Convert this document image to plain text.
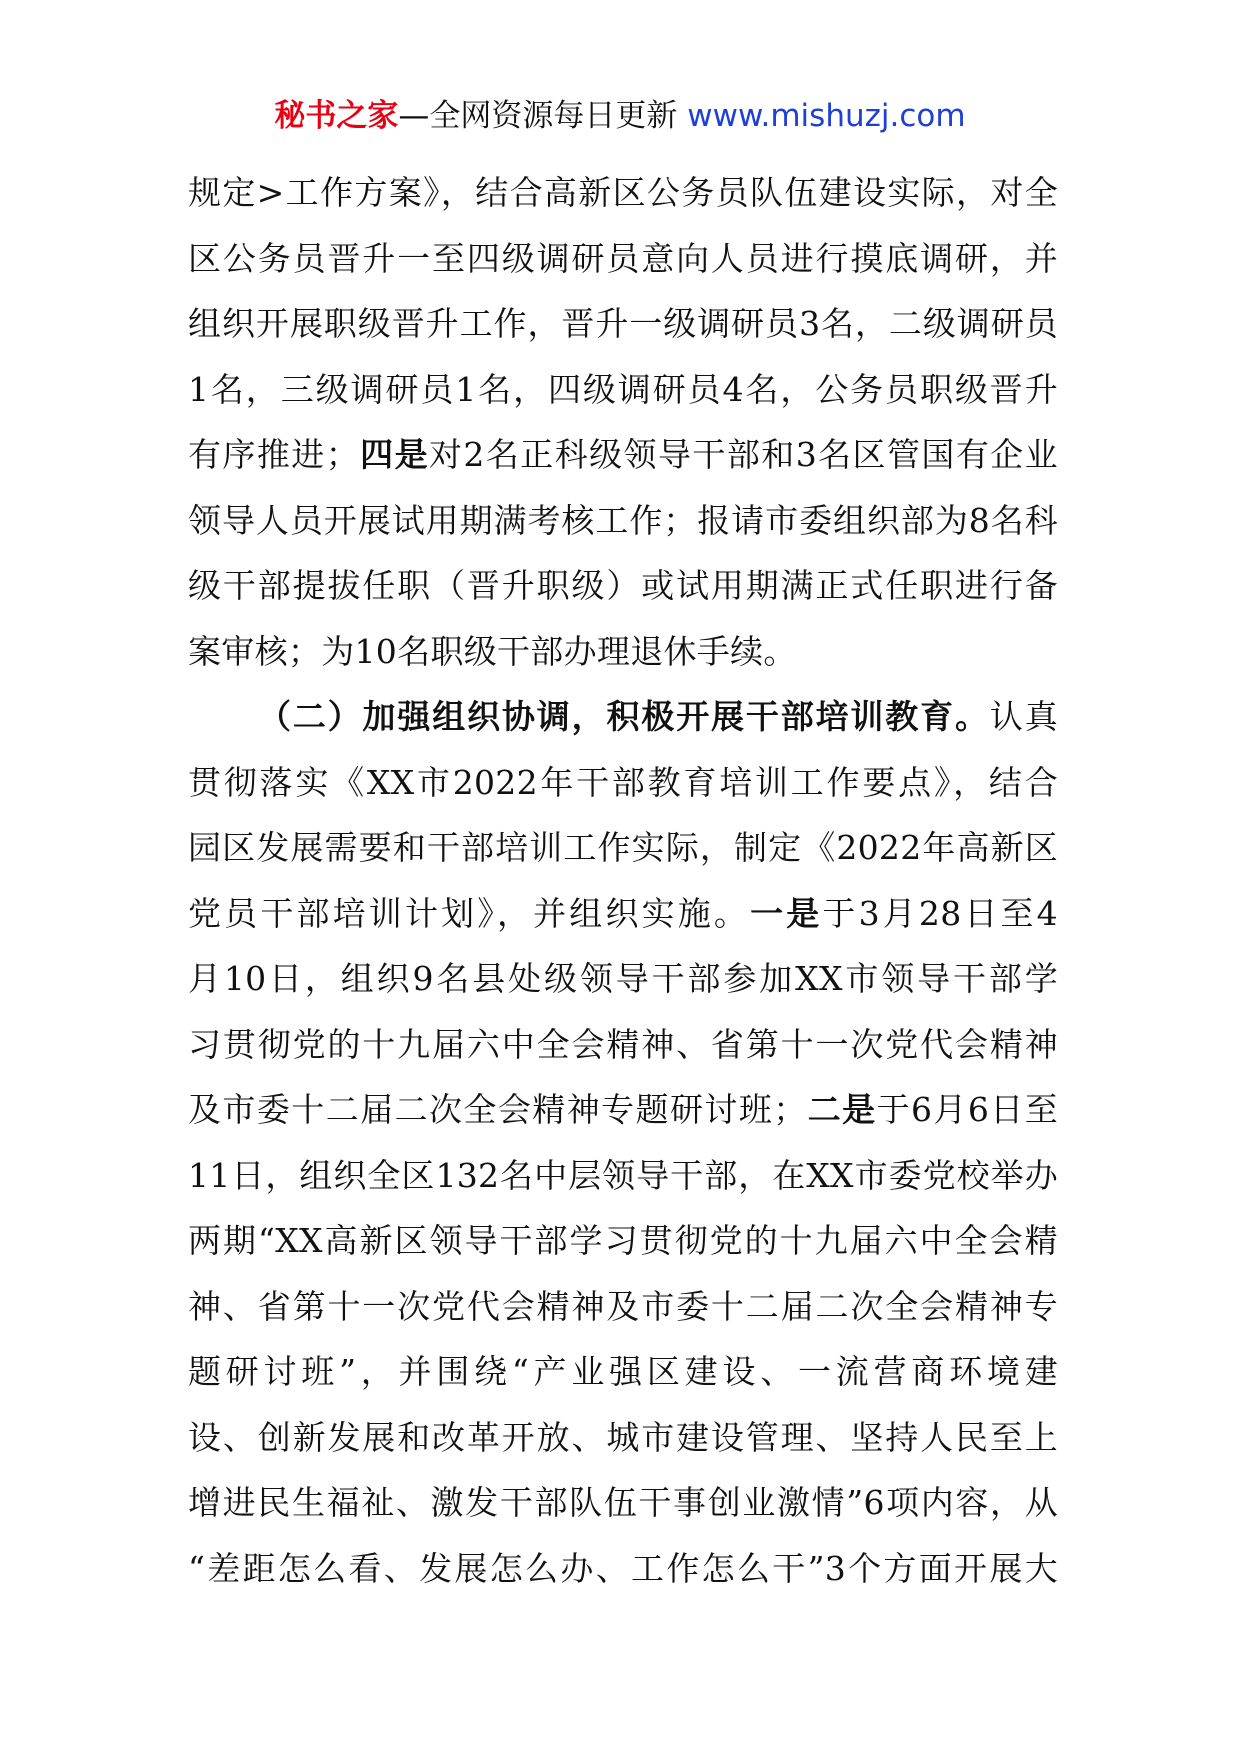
秘书之家—全网资源每日更新 www.mishuzj.com

规定>工作方案》，结合高新区公务员队伍建设实际，对全
区公务员晋升一至四级调研员意向人员进行摸底调研，并
组织开展职级晋升工作，晋升一级调研员3名，二级调研员
1名，三级调研员1名，四级调研员4名，公务员职级晋升
有序推进；四是对2名正科级领导干部和3名区管国有企业
领导人员开展试用期满考核工作；报请市委组织部为8名科
级干部提拔任职（晋升职级）或试用期满正式任职进行备
案审核；为10名职级干部办理退休手续。

（二）加强组织协调，积极开展干部培训教育。认真
贯彻落实《XX市2022年干部教育培训工作要点》，结合
园区发展需要和干部培训工作实际，制定《2022年高新区
党员干部培训计划》，并组织实施。一是于3月28日至4
月10日，组织9名县处级领导干部参加XX市领导干部学
习贯彻党的十九届六中全会精神、省第十一次党代会精神
及市委十二届二次全会精神专题研讨班；二是于6月6日至
11日，组织全区132名中层领导干部，在XX市委党校举办
两期“XX高新区领导干部学习贯彻党的十九届六中全会精
神、省第十一次党代会精神及市委十二届二次全会精神专
题研讨班”，并围绕“产业强区建设、一流营商环境建
设、创新发展和改革开放、城市建设管理、坚持人民至上
增进民生福祉、激发干部队伍干事创业激情”6项内容，从
“差距怎么看、发展怎么办、工作怎么干”3个方面开展大
